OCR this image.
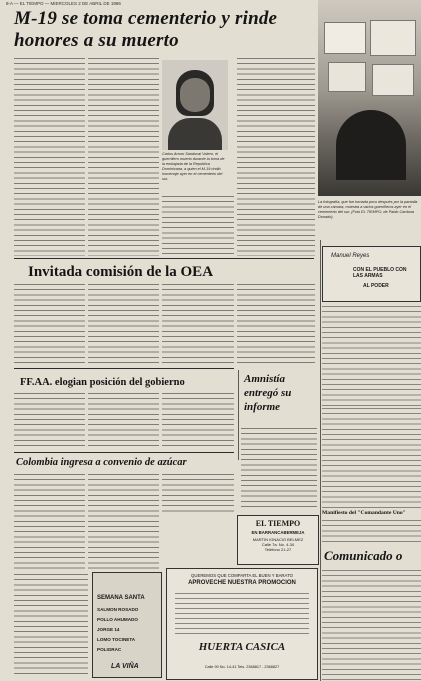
8-A — EL TIEMPO — MIERCOLES 2 DE ABRIL DE 1986
M-19 se toma cementerio y rinde honores a su muerto
La fotografía, que fue tomada poco después por la pantalla de una cámara, muestra a varios guerrilleros ayer en el cementerio del sur. (Foto EL TIEMPO, de Pablo Cardona Donado).
Carlos Arturo Sandoval Valero, el guerrillero muerto durante la toma de la embajada de la República Dominicana, a quien el M-19 rindió homenaje ayer en el cementerio del sur.
Invitada comisión de la OEA
Manuel Reyes
CON EL PUEBLO CON LAS ARMAS
AL PODER
FF.AA. elogian posición del gobierno	Amnistía entregó su informe
Colombia ingresa a convenio de azúcar
EL TIEMPO
EN BARRANCABERMEJA
MARTIN IGNACIO BELMEZ
Calle 7a. No. 4-34
Teléfono 21-27
SEMANA SANTA
SALMON ROSADO
POLLO AHUMADO
JORGE 14
LOMO TOCINETA
POLIGRAC
LA VIÑA
QUEREMOS QUE COMPARTA EL BUEN Y BARATO
APROVECHE NUESTRA PROMOCION
HUERTA CASICA
Calle 90 No. 14-41 Tels. 2368817 - 2368827
Manifiesto del "Comandante Uno"
Comunicado o
